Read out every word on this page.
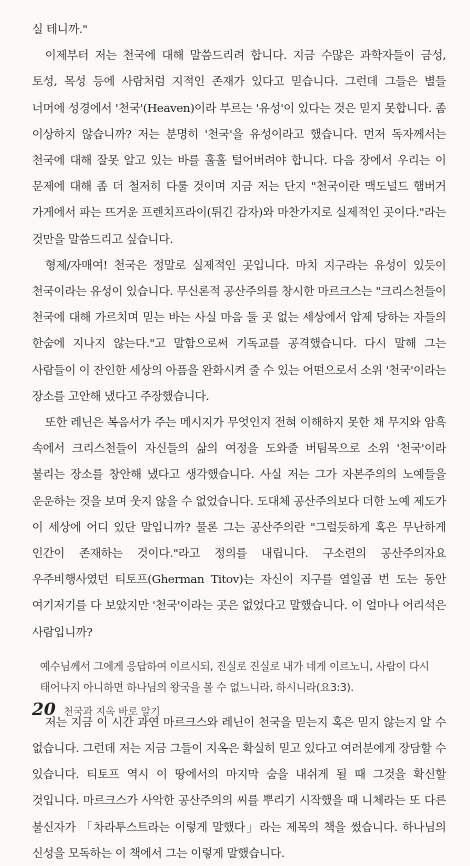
실 테니까."

이제부터 저는 천국에 대해 말씀드리려 합니다. 지금 수많은 과학자들이 금성, 토성, 목성 등에 사람처럼 지적인 존재가 있다고 믿습니다. 그런데 그들은 별들 너머에 성경에서 '천국'(Heaven)이라 부르는 '유성'이 있다는 것은 믿지 못합니다. 좀 이상하지 않습니까? 저는 분명히 '천국'을 유성이라고 했습니다. 먼저 독자께서는 천국에 대해 잘못 알고 있는 바를 훌훌 털어버려야 합니다. 다음 장에서 우리는 이 문제에 대해 좀 더 철저히 다룰 것이며 지금 저는 단지 "천국이란 맥도널드 햄버거 가게에서 파는 뜨거운 프렌치프라이(튀긴 감자)와 마찬가지로 실제적인 곳이다."라는 것만을 말씀드리고 싶습니다.

형제/자매여! 천국은 정말로 실제적인 곳입니다. 마치 지구라는 유성이 있듯이 천국이라는 유성이 있습니다. 무신론적 공산주의를 창시한 마르크스는 "크리스천들이 천국에 대해 가르치며 믿는 바는 사실 마음 둘 곳 없는 세상에서 압제 당하는 자들의 한숨에 지나지 않는다."고 말함으로써 기독교를 공격했습니다. 다시 말해 그는 사람들이 이 잔인한 세상의 아픔을 완화시켜 줄 수 있는 어떤으로서 소위 '천국'이라는 장소를 고안해 냈다고 주장했습니다.

또한 레닌은 복음서가 주는 메시지가 무엇인지 전혀 이해하지 못한 채 무지와 암흑 속에서 크리스천들이 자신들의 삶의 여정을 도와줄 버팀목으로 소위 '천국'이라 불리는 장소를 창안해 냈다고 생각했습니다. 사실 저는 그가 자본주의의 노예들을 운운하는 것을 보며 웃지 않을 수 없었습니다. 도대체 공산주의보다 더한 노예 제도가 이 세상에 어디 있단 말입니까? 물론 그는 공산주의란 "그럴듯하게 혹은 무난하게 인간이 존재하는 것이다."라고 정의를 내립니다. 구소련의 공산주의자요 우주비행사였던 티토프(Gherman Titov)는 자신이 지구를 열일곱 번 도는 동안 여기저기를 다 보았지만 '천국'이라는 곳은 없었다고 말했습니다. 이 얼마나 어리석은 사람입니까?

예수님께서 그에게 응답하여 이르시되, 진실로 진실로 내가 네게 이르노니, 사람이 다시 태어나지 아니하면 하나님의 왕국을 볼 수 없느니라, 하시니라(요3:3).

저는 지금 이 시간 과연 마르크스와 레닌이 천국을 믿는지 혹은 믿지 않는지 알 수 없습니다. 그런데 저는 지금 그들이 지옥은 확실히 믿고 있다고 여러분에게 장담할 수 있습니다. 티토프 역시 이 땅에서의 마지막 숨을 내쉬게 될 때 그것을 확신할 것입니다. 마르크스가 사악한 공산주의의 씨를 뿌리기 시작했을 때 니체라는 또 다른 불신자가 「차라투스트라는 이렇게 말했다」라는 제목의 책을 썼습니다. 하나님의 신성을 모독하는 이 책에서 그는 이렇게 말했습니다.

20 천국과 지옥 바로 알기
